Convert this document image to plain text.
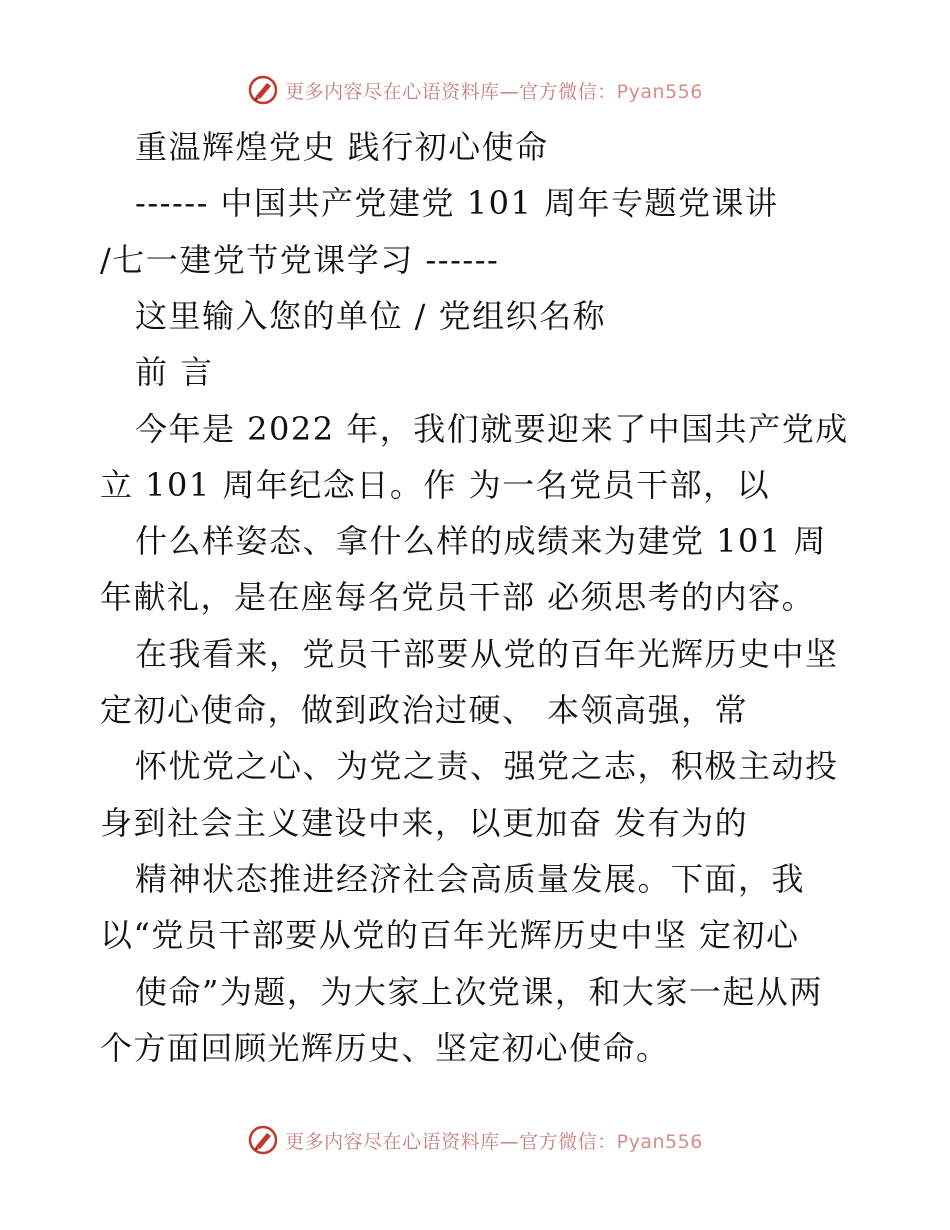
更多内容尽在心语资料库—官方微信：Pyan556
重温辉煌党史 践行初心使命
------ 中国共产党建党 101 周年专题党课讲
/七一建党节党课学习 ------
这里输入您的单位 / 党组织名称
前 言
今年是 2022 年，我们就要迎来了中国共产党成
立 101 周年纪念日。作 为一名党员干部，以
什么样姿态、拿什么样的成绩来为建党 101 周
年献礼，是在座每名党员干部 必须思考的内容。
在我看来，党员干部要从党的百年光辉历史中坚
定初心使命，做到政治过硬、 本领高强，常
怀忧党之心、为党之责、强党之志，积极主动投
身到社会主义建设中来，以更加奋 发有为的
精神状态推进经济社会高质量发展。下面，我
以“党员干部要从党的百年光辉历史中坚 定初心
使命”为题，为大家上次党课，和大家一起从两
个方面回顾光辉历史、坚定初心使命。
更多内容尽在心语资料库—官方微信：Pyan556
